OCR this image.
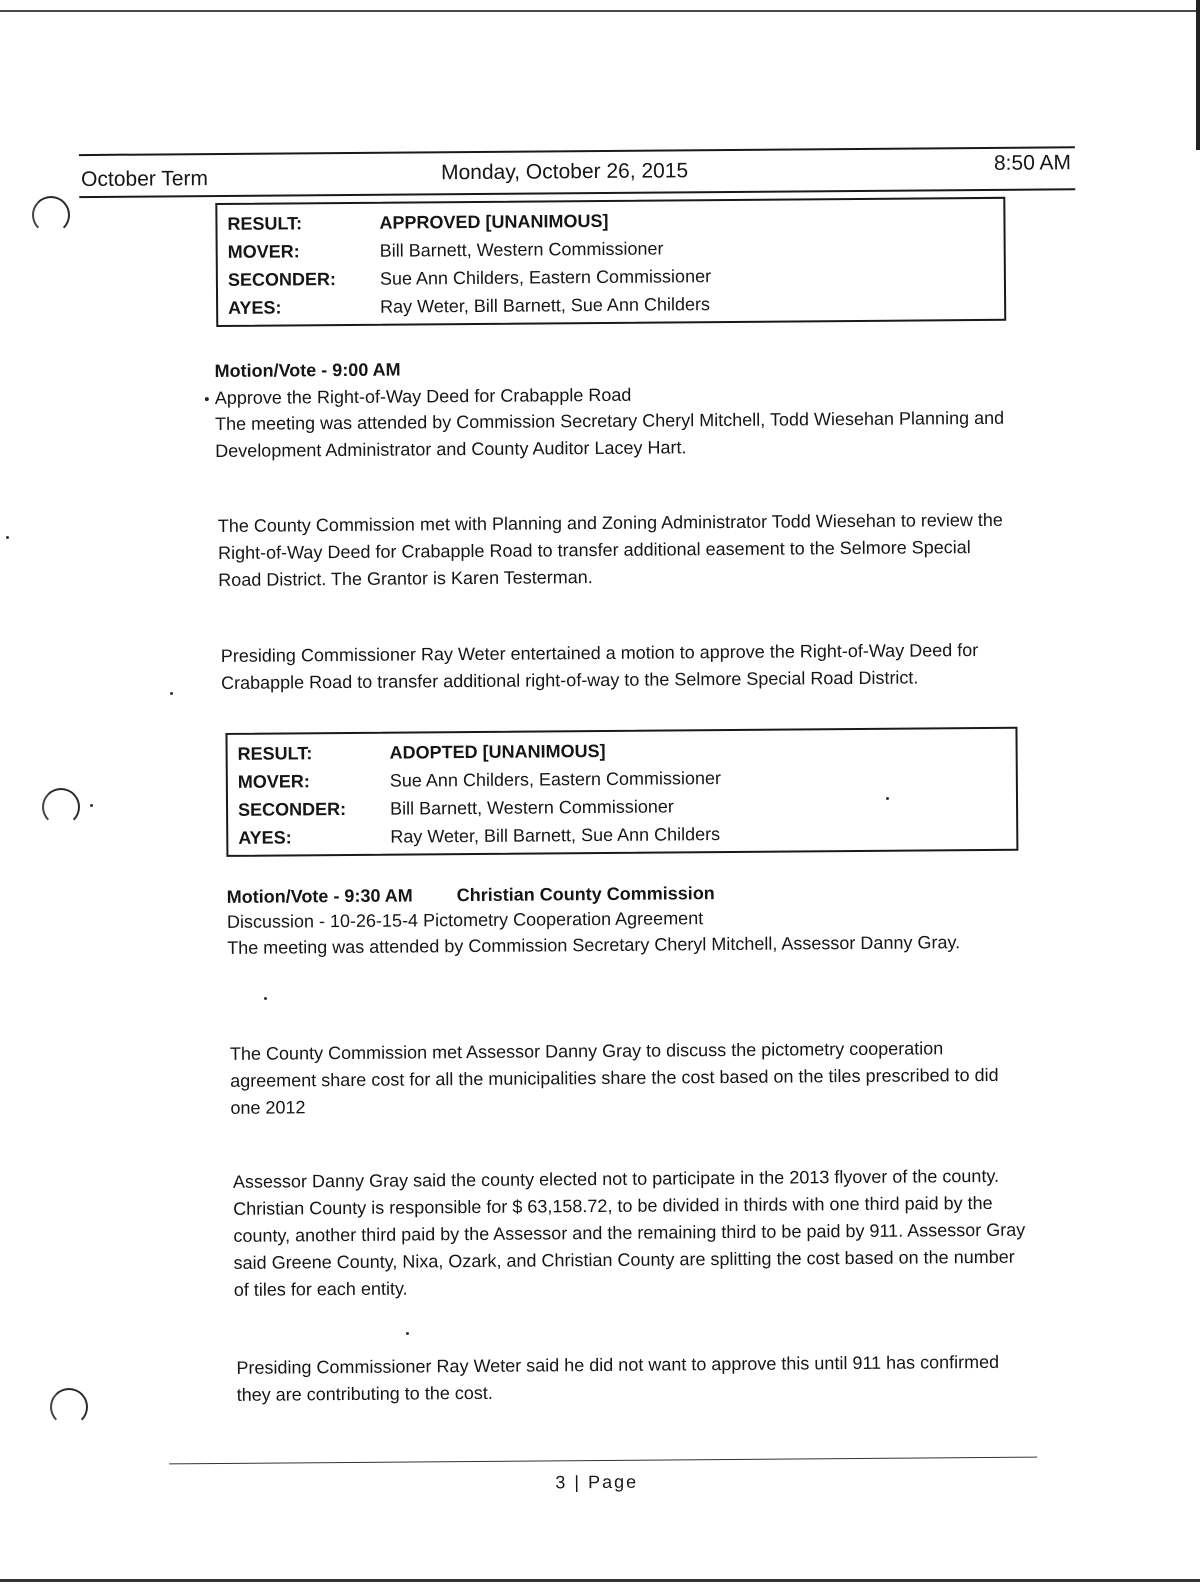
October Term	Monday, October 26, 2015	8:50 AM
RESULT:	APPROVED [UNANIMOUS]
MOVER:	Bill Barnett, Western Commissioner
SECONDER: Sue Ann Childers, Eastern Commissioner
AYES:	Ray Weter, Bill Barnett, Sue Ann Childers
Motion/Vote - 9:00 AM
Approve the Right-of-Way Deed for Crabapple Road
The meeting was attended by Commission Secretary Cheryl Mitchell, Todd Wiesehan Planning and Development Administrator and County Auditor Lacey Hart.
The County Commission met with Planning and Zoning Administrator Todd Wiesehan to review the Right-of-Way Deed for Crabapple Road to transfer additional easement to the Selmore Special Road District. The Grantor is Karen Testerman.
Presiding Commissioner Ray Weter entertained a motion to approve the Right-of-Way Deed for Crabapple Road to transfer additional right-of-way to the Selmore Special Road District.
RESULT:	ADOPTED [UNANIMOUS]
MOVER:	Sue Ann Childers, Eastern Commissioner
SECONDER: Bill Barnett, Western Commissioner
AYES:	Ray Weter, Bill Barnett, Sue Ann Childers
Motion/Vote - 9:30 AM Christian County Commission
Discussion - 10-26-15-4 Pictometry Cooperation Agreement
The meeting was attended by Commission Secretary Cheryl Mitchell, Assessor Danny Gray.
The County Commission met Assessor Danny Gray to discuss the pictometry cooperation agreement share cost for all the municipalities share the cost based on the tiles prescribed to did one 2012
Assessor Danny Gray said the county elected not to participate in the 2013 flyover of the county. Christian County is responsible for $ 63,158.72, to be divided in thirds with one third paid by the county, another third paid by the Assessor and the remaining third to be paid by 911. Assessor Gray said Greene County, Nixa, Ozark, and Christian County are splitting the cost based on the number of tiles for each entity.
Presiding Commissioner Ray Weter said he did not want to approve this until 911 has confirmed they are contributing to the cost.
3 | Page
